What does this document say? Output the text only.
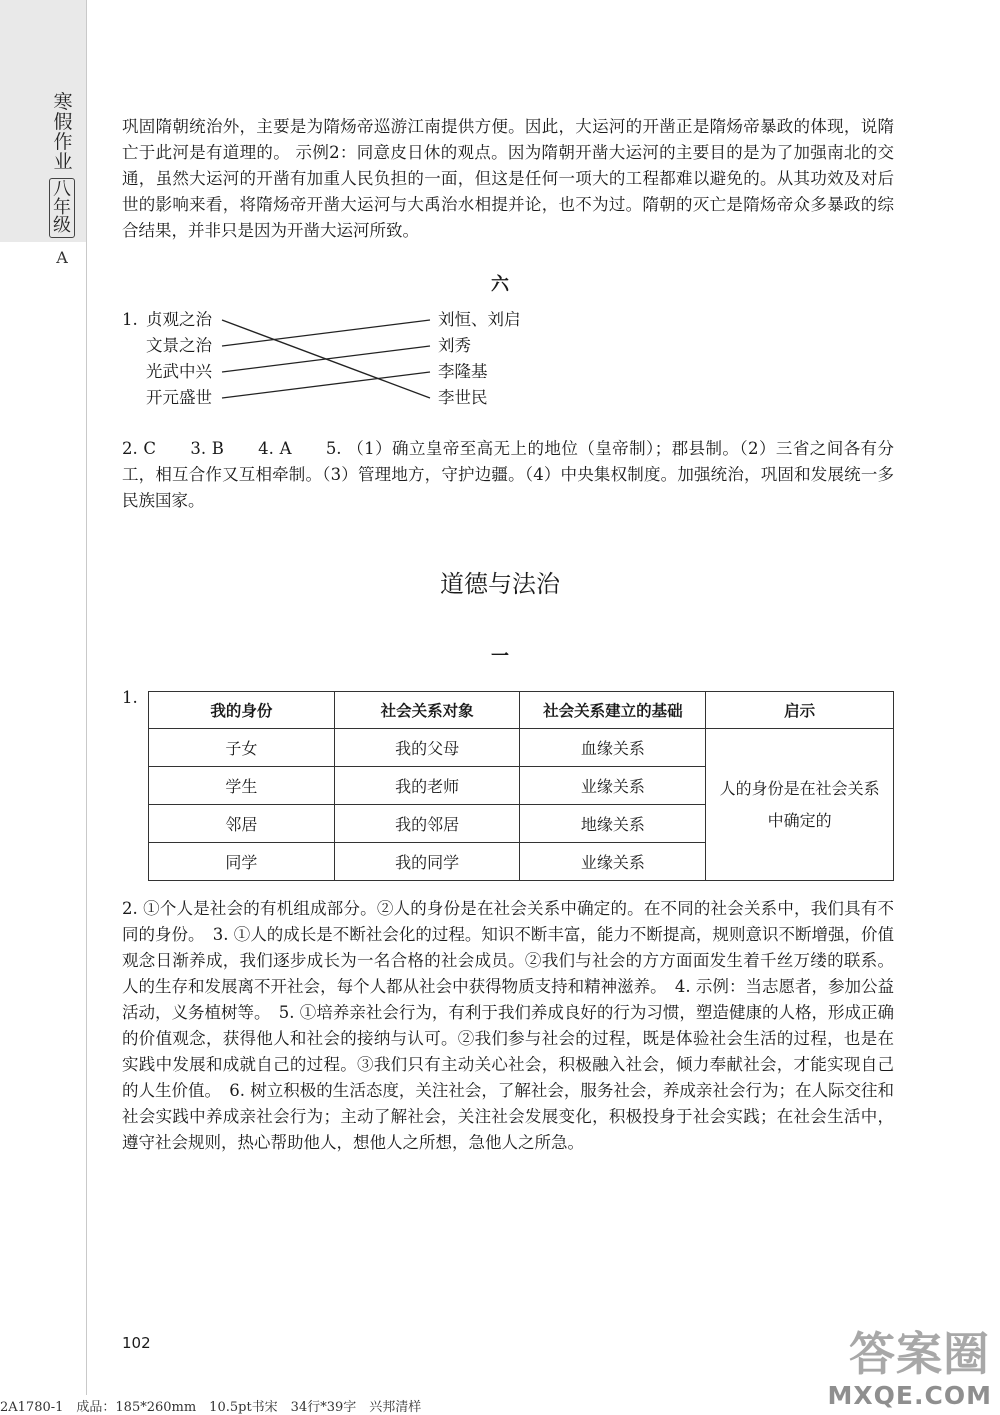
寒
假
作
业
八
年
级
A

巩固隋朝统治外，主要是为隋炀帝巡游江南提供方便。因此，大运河的开凿正是隋炀帝暴政的体现，说隋亡于此河是有道理的。 示例2：同意皮日休的观点。因为隋朝开凿大运河的主要目的是为了加强南北的交通，虽然大运河的开凿有加重人民负担的一面，但这是任何一项大的工程都难以避免的。从其功效及对后世的影响来看，将隋炀帝开凿大运河与大禹治水相提并论，也不为过。隋朝的灭亡是隋炀帝众多暴政的综合结果，并非只是因为开凿大运河所致。

六
1. 贞观之治
文景之治
光武中兴
开元盛世
刘恒、刘启
刘秀
李隆基
李世民

2. C　　3. B　　4. A　　5. （1）确立皇帝至高无上的地位（皇帝制）；郡县制。（2）三省之间各有分工，相互合作又互相牵制。（3）管理地方，守护边疆。（4）中央集权制度。加强统治，巩固和发展统一多民族国家。

道德与法治
一
1.
我的身份	社会关系对象	社会关系建立的基础	启示
子女	我的父母	血缘关系	人的身份是在社会关系中确定的
学生	我的老师	业缘关系	
邻居	我的邻居	地缘关系	
同学	我的同学	业缘关系	

2. ①个人是社会的有机组成部分。②人的身份是在社会关系中确定的。在不同的社会关系中，我们具有不同的身份。　3. ①人的成长是不断社会化的过程。知识不断丰富，能力不断提高，规则意识不断增强，价值观念日渐养成，我们逐步成长为一名合格的社会成员。②我们与社会的方方面面发生着千丝万缕的联系。人的生存和发展离不开社会，每个人都从社会中获得物质支持和精神滋养。　4. 示例：当志愿者，参加公益活动，义务植树等。　5. ①培养亲社会行为，有利于我们养成良好的行为习惯，塑造健康的人格，形成正确的价值观念，获得他人和社会的接纳与认可。②我们参与社会的过程，既是体验社会生活的过程，也是在实践中发展和成就自己的过程。③我们只有主动关心社会，积极融入社会，倾力奉献社会，才能实现自己的人生价值。　6. 树立积极的生活态度，关注社会，了解社会，服务社会，养成亲社会行为；在人际交往和社会实践中养成亲社会行为；主动了解社会，关注社会发展变化，积极投身于社会实践；在社会生活中，遵守社会规则，热心帮助他人，想他人之所想，急他人之所急。

102	答案圈
MXQE.COM
2A1780-1　成品：185*260mm　10.5pt书宋　34行*39字　兴邦清样
